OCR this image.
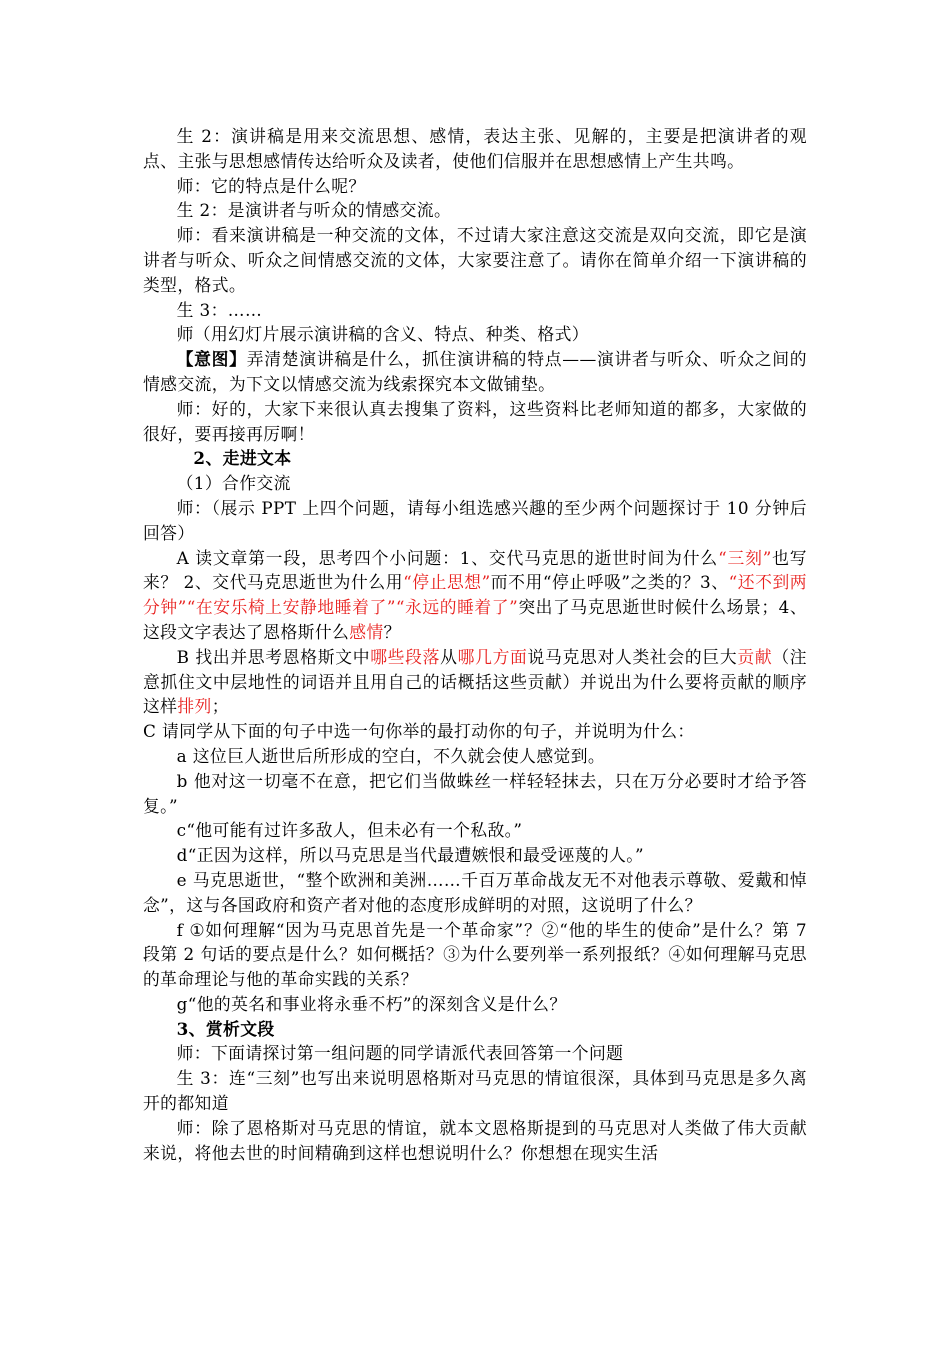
生 2：演讲稿是用来交流思想、感情，表达主张、见解的，主要是把演讲者的观点、主张与思想感情传达给听众及读者，使他们信服并在思想感情上产生共鸣。

师：它的特点是什么呢？

生 2：是演讲者与听众的情感交流。

师：看来演讲稿是一种交流的文体，不过请大家注意这交流是双向交流，即它是演讲者与听众、听众之间情感交流的文体，大家要注意了。请你在简单介绍一下演讲稿的类型，格式。

生 3：……

师（用幻灯片展示演讲稿的含义、特点、种类、格式）

【意图】弄清楚演讲稿是什么，抓住演讲稿的特点——演讲者与听众、听众之间的情感交流，为下文以情感交流为线索探究本文做铺垫。

师：好的，大家下来很认真去搜集了资料，这些资料比老师知道的都多，大家做的很好，要再接再厉啊！

2、走进文本

（1）合作交流

师：（展示 PPT 上四个问题，请每小组选感兴趣的至少两个问题探讨于 10 分钟后回答）

A 读文章第一段，思考四个小问题：1、交代马克思的逝世时间为什么“三刻”也写来？ 2、交代马克思逝世为什么用“停止思想”而不用“停止呼吸”之类的？3、“还不到两分钟”“在安乐椅上安静地睡着了”“永远的睡着了”突出了马克思逝世时候什么场景；4、这段文字表达了恩格斯什么感情？

B 找出并思考恩格斯文中哪些段落从哪几方面说马克思对人类社会的巨大贡献（注意抓住文中层地性的词语并且用自己的话概括这些贡献）并说出为什么要将贡献的顺序这样排列；

C 请同学从下面的句子中选一句你举的最打动你的句子，并说明为什么：

a 这位巨人逝世后所形成的空白，不久就会使人感觉到。

b 他对这一切毫不在意，把它们当做蛛丝一样轻轻抹去，只在万分必要时才给予答复。”

c“他可能有过许多敌人，但未必有一个私敌。”

d“正因为这样，所以马克思是当代最遭嫉恨和最受诬蔑的人。”

e 马克思逝世，“整个欧洲和美洲……千百万革命战友无不对他表示尊敬、爱戴和悼念”，这与各国政府和资产者对他的态度形成鲜明的对照，这说明了什么？

f ①如何理解“因为马克思首先是一个革命家”？②“他的毕生的使命”是什么？第 7 段第 2 句话的要点是什么？如何概括？③为什么要列举一系列报纸？④如何理解马克思的革命理论与他的革命实践的关系？

g“他的英名和事业将永垂不朽”的深刻含义是什么？

3、赏析文段

师：下面请探讨第一组问题的同学请派代表回答第一个问题

生 3：连“三刻”也写出来说明恩格斯对马克思的情谊很深，具体到马克思是多久离开的都知道

师：除了恩格斯对马克思的情谊，就本文恩格斯提到的马克思对人类做了伟大贡献来说，将他去世的时间精确到这样也想说明什么？你想想在现实生活
